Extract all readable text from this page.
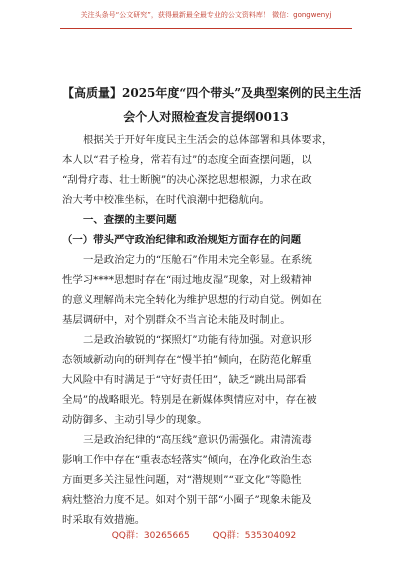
关注头条号“公文研究”，获得最新最全最专业的公文资料库！ 微信：gongwenyj
【高质量】2025年度“四个带头”及典型案例的民主生活
会个人对照检查发言提纲0013
根据关于开好年度民主生活会的总体部署和具体要求，
本人以“君子检身，常若有过”的态度全面查摆问题，以
“刮骨疗毒、壮士断腕”的决心深挖思想根源，力求在政
治大考中校准坐标，在时代浪潮中把稳航向。
一、查摆的主要问题
（一）带头严守政治纪律和政治规矩方面存在的问题
一是政治定力的“压舱石”作用未完全彰显。在系统
性学习****思想时存在“雨过地皮湿”现象，对上级精神
的意义理解尚未完全转化为维护思想的行动自觉。例如在
基层调研中，对个别群众不当言论未能及时制止。
二是政治敏锐的“探照灯”功能有待加强。对意识形
态领域新动向的研判存在“慢半拍”倾向，在防范化解重
大风险中有时满足于“守好责任田”，缺乏“跳出局部看
全局”的战略眼光。特别是在新媒体舆情应对中，存在被
动防御多、主动引导少的现象。
三是政治纪律的“高压线”意识仍需强化。肃清流毒
影响工作中存在“重表态轻落实”倾向，在净化政治生态
方面更多关注显性问题，对“潜规则”“亚文化”等隐性
病灶整治力度不足。如对个别干部“小圈子”现象未能及
时采取有效措施。
QQ群：30265665	QQ群：535304092
